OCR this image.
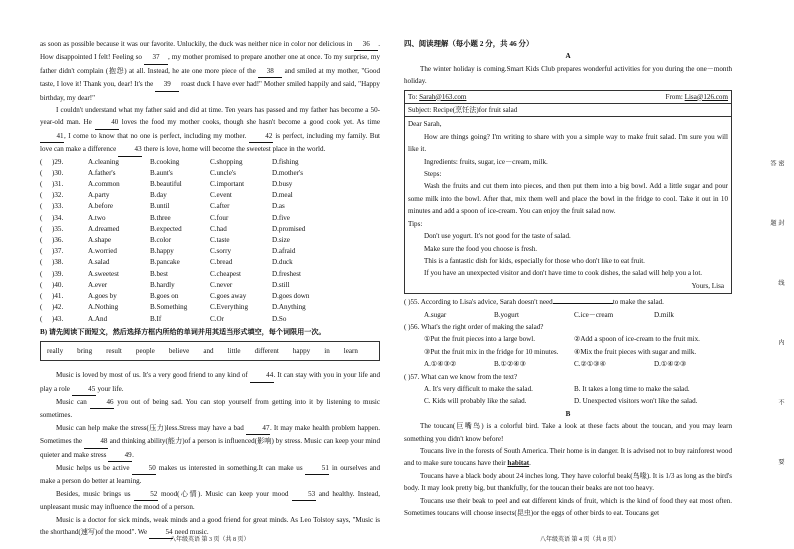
as soon as possible because it was our favorite. Unluckily, the duck was neither nice in color nor delicious in 36 . How disappointed I felt! Feeling so 37 , my mother promised to prepare another one at once. To my surprise, my father didn't complain (抱怨) at all. Instead, he ate one more piece of the 38 and smiled at my mother, "Good taste, I love it! Thank you, dear! It's the 39 roast duck I have ever had!" Mother smiled happily and said, "Happy birthday, my dear!"

I couldn't understand what my father said and did at time. Ten years has passed and my father has become a 50-year-old man. He 40 loves the food my mother cooks, though she hasn't become a good cook yet. As time 41, I come to know that no one is perfect, including my mother. 42 is perfect, including my family. But love can make a difference 43 there is love, home will become the sweetest place in the world.

(	)29.	A.cleaning	B.cooking	C.shopping	D.fishing
(	)30.	A.father's	B.aunt's	C.uncle's	D.mother's
(	)31.	A.common	B.beautiful	C.important	D.busy
(	)32.	A.party	B.day	C.event	D.meal
(	)33.	A.before	B.until	C.after	D.as
(	)34.	A.two	B.three	C.four	D.five
(	)35.	A.dreamed	B.expected	C.had	D.promised
(	)36.	A.shape	B.color	C.taste	D.size
(	)37.	A.worried	B.happy	C.sorry	D.afraid
(	)38.	A.salad	B.pancake	C.bread	D.duck
(	)39.	A.sweetest	B.best	C.cheapest	D.freshest
(	)40.	A.ever	B.hardly	C.never	D.still
(	)41.	A.goes by	B.goes on	C.goes away	D.goes down
(	)42.	A.Nothing	B.Something	C.Everything	D.Anything
(	)43.	A.And	B.If	C.Or	D.So

B) 请先阅读下面短文，然后选择方框内所给的单词并用其适当形式填空，每个词限用一次。

really bring result people believe and little different happy in learn

Music is loved by most of us. It's a very good friend to any kind of 44. It can stay with you in your life and play a role 45 your life.

Music can 46 you out of being sad. You can stop yourself from getting into it by listening to music sometimes.

Music can help make the stress(压力)less.Stress may have a bad 47. It may make health problem happen. Sometimes the 48 and thinking ability(能力)of a person is influenced(影响) by stress. Music can keep your mind quieter and make stress 49.

Music helps us be active 50 makes us interested in something.It can make us 51 in ourselves and make a person do better at learning.

Besides, music brings us 52 mood(心情). Music can keep your mood 53 and healthy. Instead, unpleasant music may influence the mood of a person.

Music is a doctor for sick minds, weak minds and a good friend for great minds. As Leo Tolstoy says, "Music is the shorthand(速写)of the mood". We 54 need music.

八年级英语 第 3 页（共 8 页）

四、阅读理解（每小题 2 分，共 46 分）

A

The winter holiday is coming.Smart Kids Club prepares wonderful activities for you during the one－month holiday.

To: Sarah@163.com	From: Lisa@126.com
Subject: Recipe(烹饪法)for fruit salad

Dear Sarah,

How are things going? I'm writing to share with you a simple way to make fruit salad. I'm sure you will like it.

Ingredients: fruits, sugar, ice－cream, milk.

Steps:

Wash the fruits and cut them into pieces, and then put them into a big bowl. Add a little sugar and pour some milk into the bowl. After that, mix them well and place the bowl in the fridge to cool. Take it out in 10 minutes and add a spoon of ice-cream. You can enjoy the fruit salad now.

Tips:

Don't use yogurt. It's not good for the taste of salad.

Make sure the food you choose is fresh.

This is a fantastic dish for kids, especially for those who don't like to eat fruit.

If you have an unexpected visitor and don't have time to cook dishes, the salad will help you a lot.

Yours, Lisa

( )55. According to Lisa's advice, Sarah doesn't need	to make the salad.

A.sugar	B.yogurt	C.ice－cream	D.milk

( )56. What's the right order of making the salad?

①Put the fruit pieces into a large bowl.	②Add a spoon of ice-cream to the fruit mix.
③Put the fruit mix in the fridge for 10 minutes.	④Mix the fruit pieces with sugar and milk.
A.①④③②	B.①②④③	C.②①③④	D.①④②③

( )57. What can we know from the text?

A. It's very difficult to make the salad.	B. It takes a long time to make the salad.
C. Kids will probably like the salad.	D. Unexpected visitors won't like the salad.

B

The toucan(巨嘴鸟) is a colorful bird. Take a look at these facts about the toucan, and you may learn something you didn't know before!

Toucans live in the forests of South America. Their home is in danger. It is advised not to buy rainforest wood and to make sure toucans have their habitat.

Toucans have a black body about 24 inches long. They have colorful beak(鸟喙). It is 1/3 as long as the bird's body. It may look pretty big, but thankfully, for the toucan their beaks are not too heavy.

Toucans use their beak to peel and eat different kinds of fruit, which is the kind of food they eat most often. Sometimes toucans will choose insects(昆虫)or the eggs of other birds to eat. Toucans get

八年级英语 第 4 页（共 8 页）
密 封 线 内 不 要 答 题
